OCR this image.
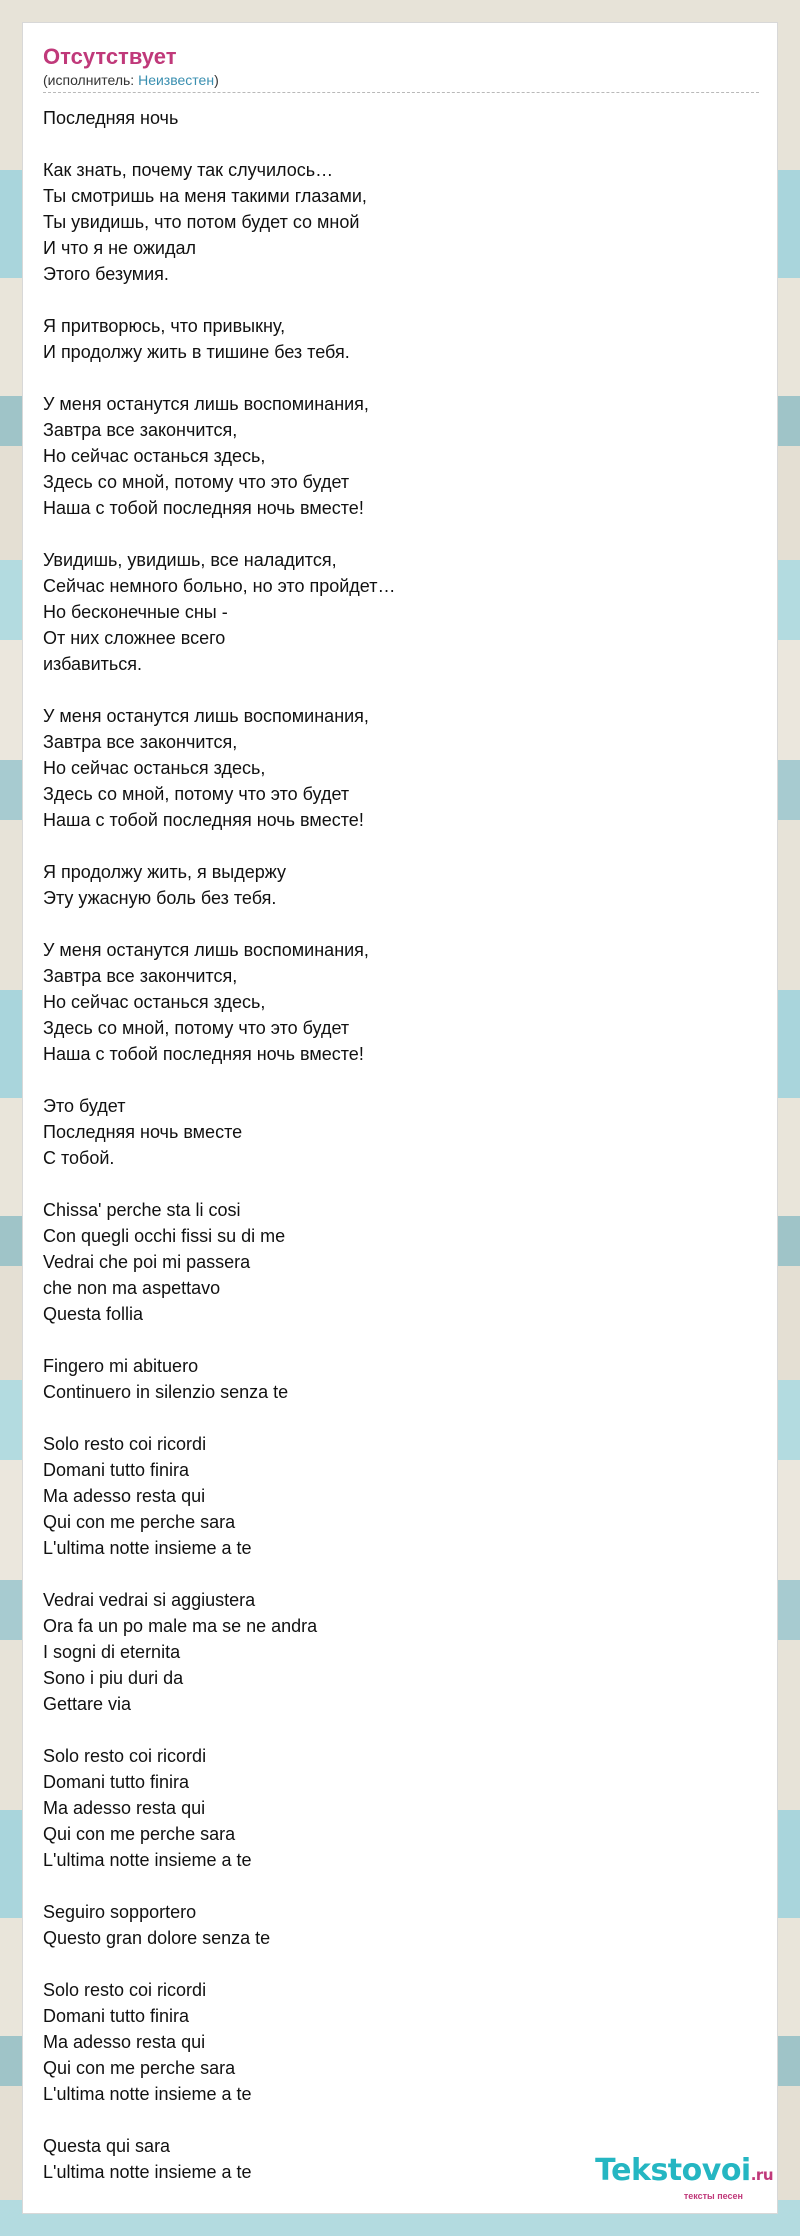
Отсутствует
(исполнитель: Неизвестен)
Последняя ночь
Как знать, почему так случилось…
Ты смотришь на меня такими глазами,
Ты увидишь, что потом будет со мной
И что я не ожидал
Этого безумия.
Я притворюсь, что привыкну,
И продолжу жить в тишине без тебя.
У меня останутся лишь воспоминания,
Завтра все закончится,
Но сейчас останься здесь,
Здесь со мной, потому что это будет
Наша с тобой последняя ночь вместе!
Увидишь, увидишь, все наладится,
Сейчас немного больно, но это пройдет…
Но бесконечные сны -
От них сложнее всего
избавиться.
У меня останутся лишь воспоминания,
Завтра все закончится,
Но сейчас останься здесь,
Здесь со мной, потому что это будет
Наша с тобой последняя ночь вместе!
Я продолжу жить, я выдержу
Эту ужасную боль без тебя.
У меня останутся лишь воспоминания,
Завтра все закончится,
Но сейчас останься здесь,
Здесь со мной, потому что это будет
Наша с тобой последняя ночь вместе!
Это будет
Последняя ночь вместе
С тобой.
Chissa' perche sta li cosi
Con quegli occhi fissi su di me
Vedrai che poi mi passera
che non ma aspettavo
Questa follia
Fingero mi abituero
Continuero in silenzio senza te
Solo resto coi ricordi
Domani tutto finira
Ma adesso resta qui
Qui con me perche sara
L'ultima notte insieme a te
Vedrai vedrai si aggiustera
Ora fa un po male ma se ne andra
I sogni di eternita
Sono i piu duri da
Gettare via
Solo resto coi ricordi
Domani tutto finira
Ma adesso resta qui
Qui con me perche sara
L'ultima notte insieme a te
Seguiro sopportero
Questo gran dolore senza te
Solo resto coi ricordi
Domani tutto finira
Ma adesso resta qui
Qui con me perche sara
L'ultima notte insieme a te
Questa qui sara
L'ultima notte insieme a te	Tekstovoi.ru
тексты песен
